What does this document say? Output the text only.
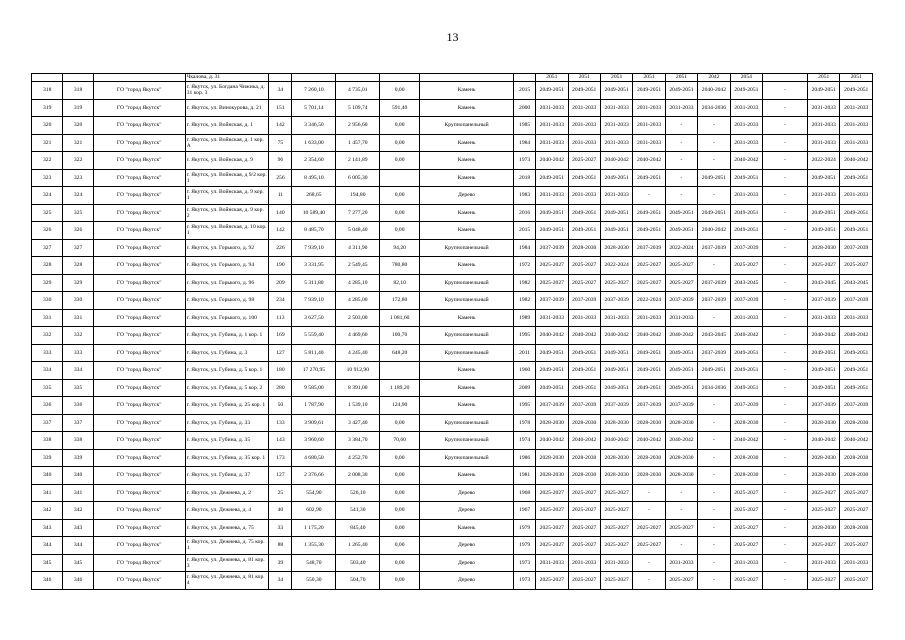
13
			Чкалова, д. 31							2051	2051	2051	2051	2051	2042	2054		2051	2051
318	318	ГО "город Якутск"	г. Якутск, ул. Богдана Чижика, д. 31 кор. 3	34	7 260,10	4 735,01	0,00	Камень	2015	2049-2051	2049-2051	2049-2051	2049-2051	2049-2051	2040-2042	2049-2051	-	2049-2051	2049-2051
319	319	ГО "город Якутск"	г. Якутск, ул. Винокурова, д. 21	151	5 701,14	5 109,74	591,40	Камень	2000	2031-2033	2031-2033	2031-2033	2031-2033	2031-2033	2034-2036	2031-2033	-	2031-2033	2031-2033
320	320	ГО "город Якутск"	г. Якутск, ул. Войнская, д. 1	142	3 346,50	2 956,60	0,00	Крупнопанельный	1985	2031-2033	2031-2033	2031-2033	2031-2033	-	-	2031-2033	-	2031-2033	2031-2033
321	321	ГО "город Якутск"	г. Якутск, ул. Войнская, д. 1 кор. А	75	1 633,00	1 457,70	0,00	Камень	1984	2031-2033	2031-2033	2031-2033	2031-2033	-	-	2031-2033	-	2031-2033	2031-2033
322	322	ГО "город Якутск"	г. Якутск, ул. Войнская, д. 9	96	2 354,60	2 141,89	0,00	Камень	1973	2040-2042	2025-2027	2040-2042	2040-2042	-	-	2040-2042	-	2022-2024	2040-2042
323	323	ГО "город Якутск"	г. Якутск, ул. Войнская, д 9/2 кор. 1	256	8 495,10	6 005,30		Камень	2018	2049-2051	2049-2051	2049-2051	2049-2051	-	2049-2051	2049-2051	-	2049-2051	2049-2051
324	324	ГО "город Якутск"	г. Якутск, ул. Войнская, д. 9 кор. 1	11	268,65	194,80	0,00	Дерево	1983	2031-2033	2031-2033	2031-2033	-	-	-	2031-2033	-	2031-2033	2031-2033
325	325	ГО "город Якутск"	г. Якутск, ул. Войнская, д. 9 кор. 2	140	10 589,40	7 277,20	0,00	Камень	2016	2049-2051	2049-2051	2049-2051	2049-2051	2049-2051	2049-2051	2049-2051	-	2049-2051	2049-2051
326	326	ГО "город Якутск"	г. Якутск, ул. Войнская, д. 10 кор. 1	142	8 485,70	5 048,40	0,00	Камень	2015	2049-2051	2049-2051	2049-2051	2049-2051	2049-2051	2040-2042	2049-2051	-	2049-2051	2049-2051
327	327	ГО "город Якутск"	г. Якутск, ул. Горького, д. 92	226	7 939,10	4 311,90	94,20	Крупнопанельный	1984	2037-2039	2028-2030	2028-2030	2037-2039	2022-2024	2037-2039	2037-2039	-	2028-2030	2037-2039
328	328	ГО "город Якутск"	г. Якутск, ул. Горького, д. 94	190	3 331,95	2 549,45	780,80	Камень	1972	2025-2027	2025-2027	2022-2024	2025-2027	2025-2027	-	2025-2027	-	2025-2027	2025-2027
329	329	ГО "город Якутск"	г. Якутск, ул. Горького, д. 96	209	5 311,80	4 285,10	82,10	Крупнопанельный	1982	2025-2027	2025-2027	2025-2027	2025-2027	2025-2027	2037-2039	2043-2045	-	2043-2045	2043-2045
330	330	ГО "город Якутск"	г. Якутск, ул. Горького, д. 98	234	7 939,10	4 285,00	172,80	Крупнопанельный	1982	2037-2039	2037-2039	2037-2039	2022-2024	2037-2039	2037-2039	2037-2039	-	2037-2039	2037-2039
331	331	ГО "город Якутск"	г. Якутск, ул. Горького, д. 100	113	3 627,50	2 503,00	1 081,60	Камень	1989	2031-2033	2031-2033	2031-2033	2031-2033	2031-2033	-	2031-2033	-	2031-2033	2031-2033
332	332	ГО "город Якутск"	г. Якутск, ул. Губина, д. 1 кор. 1	169	5 559,40	4 469,60	100,70	Крупнопанельный	1995	2040-2042	2040-2042	2040-2042	2040-2042	2040-2042	2043-2045	2040-2042	-	2040-2042	2040-2042
333	333	ГО "город Якутск"	г. Якутск, ул. Губина, д. 3	127	5 811,40	4 245,40	648,20	Крупнопанельный	2011	2049-2051	2049-2051	2049-2051	2049-2051	2049-2051	2037-2039	2049-2051	-	2049-2051	2049-2051
334	334	ГО "город Якутск"	г. Якутск, ул. Губина, д. 5 кор. 1	180	17 270,95	10 912,90		Камень	1960	2049-2051	2049-2051	2049-2051	2049-2051	2049-2051	2049-2051	2049-2051	-	2049-2051	2049-2051
335	335	ГО "город Якутск"	г. Якутск, ул. Губина, д. 5 кор. 2	280	9 585,00	8 391,00	1 189,20	Камень	2009	2049-2051	2049-2051	2049-2051	2049-2051	2049-2051	2034-2036	2049-2051	-	2049-2051	2049-2051
336	336	ГО "город Якутск"	г. Якутск, ул. Губина, д. 25 кор. 1	50	1 787,90	1 539,10	124,90	Камень	1995	2037-2039	2037-2039	2037-2039	2037-2039	2037-2039	-	2037-2039	-	2037-2039	2037-2039
337	337	ГО "город Якутск"	г. Якутск, ул. Губина, д. 33	133	3 909,61	3 427,40	0,00	Крупнопанельный	1978	2028-2030	2028-2030	2028-2030	2028-2030	2028-2030	-	2028-2030	-	2028-2030	2028-2030
338	338	ГО "город Якутск"	г. Якутск, ул. Губина, д. 35	143	3 960,60	3 384,70	70,60	Крупнопанельный	1974	2040-2042	2040-2042	2040-2042	2040-2042	2040-2042	-	2040-2042	-	2040-2042	2040-2042
339	339	ГО "город Якутск"	г. Якутск, ул. Губина, д. 35 кор. 1	173	4 680,50	4 252,70	0,00	Крупнопанельный	1986	2028-2030	2028-2030	2028-2030	2028-2030	2028-2030	-	2028-2030	-	2028-2030	2028-2030
340	340	ГО "город Якутск"	г. Якутск, ул. Губина, д. 37	127	2 376,66	2 008,30	0,00	Камень	1981	2028-2030	2028-2030	2028-2030	2028-2030	2028-2030	-	2028-2030	-	2028-2030	2028-2030
341	341	ГО "город Якутск"	г. Якутск, ул. Дежнева, д. 2	25	554,90	526,10	0,00	Дерево	1968	2025-2027	2025-2027	2025-2027	-	-	-	2025-2027	-	2025-2027	2025-2027
342	342	ГО "город Якутск"	г. Якутск, ул. Дежнева, д. 4	40	602,90	541,30	0,00	Дерево	1967	2025-2027	2025-2027	2025-2027	-	-	-	2025-2027	-	2025-2027	2025-2027
343	343	ГО "город Якутск"	г. Якутск, ул. Дежнева, д. 75	33	1 175,20	845,40	0,00	Камень	1979	2025-2027	2025-2027	2025-2027	2025-2027	2025-2027	-	2025-2027	-	2028-2030	2028-2030
344	344	ГО "город Якутск"	г. Якутск, ул. Дежнева, д. 75 кор. 1	88	1 355,30	1 265,40	0,00	Дерево	1979	2025-2027	2025-2027	2025-2027	2025-2027	-	-	2025-2027	-	2025-2027	2025-2027
345	345	ГО "город Якутск"	г. Якутск, ул. Дежнева, д. 81 кор. 3	39	548,70	503,40	0,00	Дерево	1973	2031-2033	2031-2033	2031-2033	-	2031-2033	-	2031-2033	-	2031-2033	2031-2033
346	346	ГО "город Якутск"	г. Якутск, ул. Дежнева, д. 81 кор. 4	34	550,30	504,70	0,00	Дерево	1973	2025-2027	2025-2027	2025-2027	-	2025-2027	-	2025-2027	-	2025-2027	2025-2027
